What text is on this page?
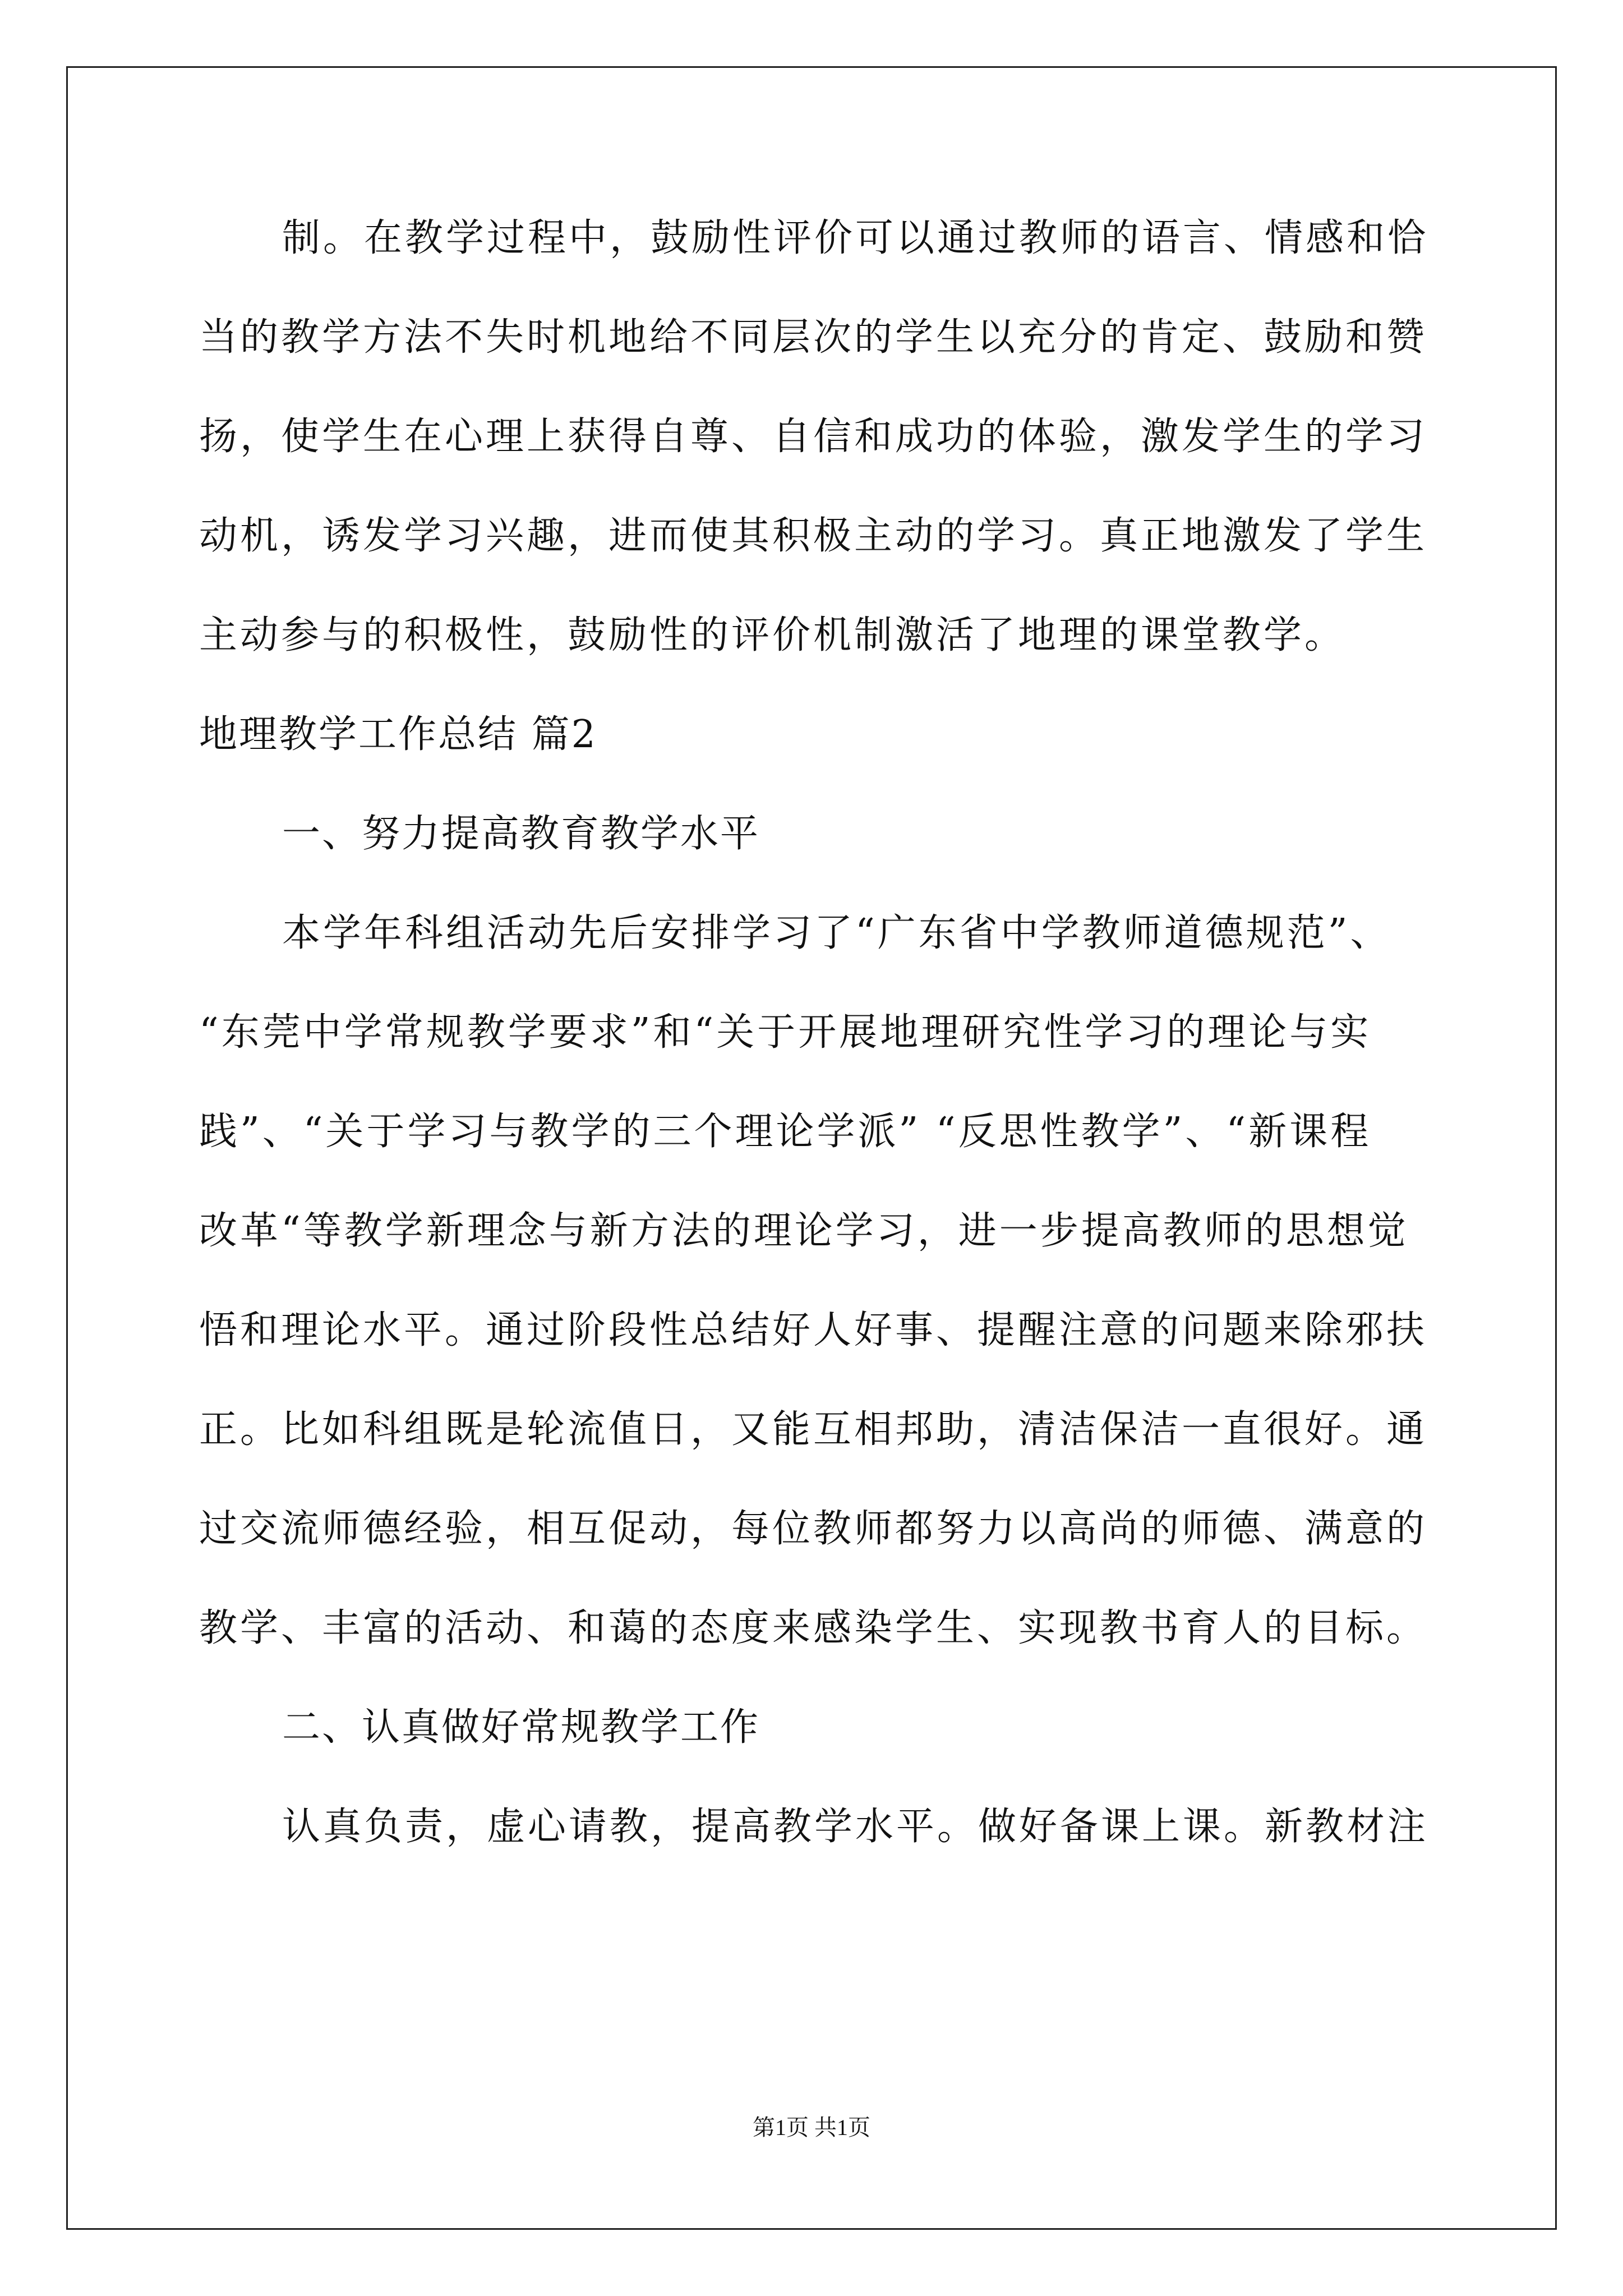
制。在教学过程中，鼓励性评价可以通过教师的语言、情感和恰
当的教学方法不失时机地给不同层次的学生以充分的肯定、鼓励和赞
扬，使学生在心理上获得自尊、自信和成功的体验，激发学生的学习
动机，诱发学习兴趣，进而使其积极主动的学习。真正地激发了学生
主动参与的积极性，鼓励性的评价机制激活了地理的课堂教学。
地理教学工作总结 篇2
一、努力提高教育教学水平
本学年科组活动先后安排学习了“广东省中学教师道德规范”、
“东莞中学常规教学要求”和“关于开展地理研究性学习的理论与实
践”、“关于学习与教学的三个理论学派” “反思性教学”、“新课程
改革“等教学新理念与新方法的理论学习，进一步提高教师的思想觉
悟和理论水平。通过阶段性总结好人好事、提醒注意的问题来除邪扶
正。比如科组既是轮流值日，又能互相邦助，清洁保洁一直很好。通
过交流师德经验，相互促动，每位教师都努力以高尚的师德、满意的
教学、丰富的活动、和蔼的态度来感染学生、实现教书育人的目标。
二、认真做好常规教学工作
认真负责，虚心请教，提高教学水平。做好备课上课。新教材注
第1页 共1页
